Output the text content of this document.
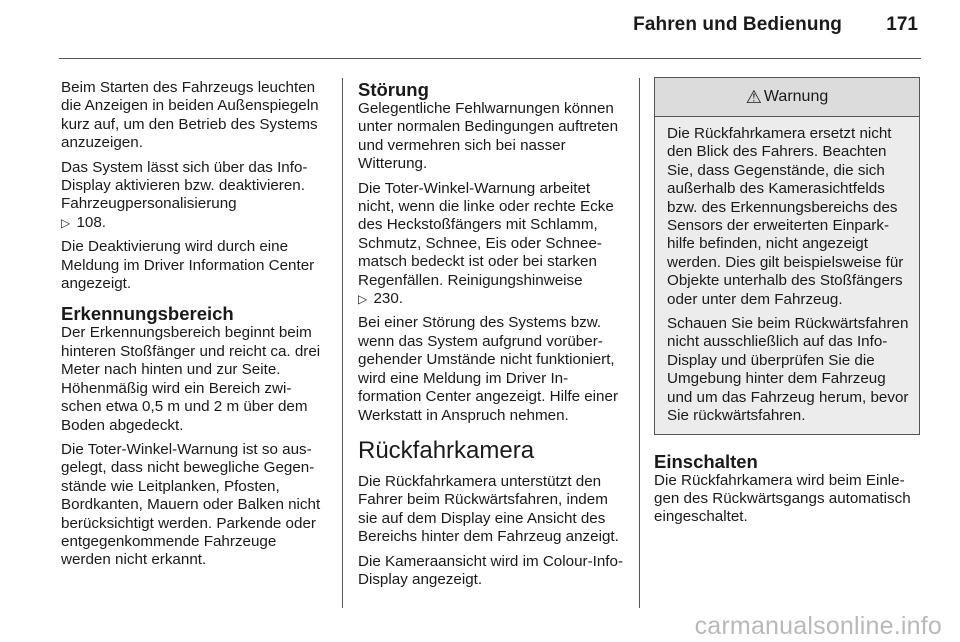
Fahren und Bedienung 171

Beim Starten des Fahrzeugs leuchten die Anzeigen in beiden Außenspiegeln kurz auf, um den Betrieb des Systems anzuzeigen.

Das System lässt sich über das Info-Display aktivieren bzw. deaktivieren. Fahrzeugpersonalisierung
▷ 108.

Die Deaktivierung wird durch eine Meldung im Driver Information Center angezeigt.

Erkennungsbereich

Der Erkennungsbereich beginnt beim hinteren Stoßfänger und reicht ca. drei Meter nach hinten und zur Seite. Höhenmäßig wird ein Bereich zwischen etwa 0,5 m und 2 m über dem Boden abgedeckt.

Die Toter-Winkel-Warnung ist so ausgelegt, dass nicht bewegliche Gegenstände wie Leitplanken, Pfosten, Bordkanten, Mauern oder Balken nicht berücksichtigt werden. Parkende oder entgegenkommende Fahrzeuge werden nicht erkannt.

Störung

Gelegentliche Fehlwarnungen können unter normalen Bedingungen auftreten und vermehren sich bei nasser Witterung.

Die Toter-Winkel-Warnung arbeitet nicht, wenn die linke oder rechte Ecke des Heckstoßfängers mit Schlamm, Schmutz, Schnee, Eis oder Schneematsch bedeckt ist oder bei starken Regenfällen. Reinigungshinweise
▷ 230.

Bei einer Störung des Systems bzw. wenn das System aufgrund vorübergehender Umstände nicht funktioniert, wird eine Meldung im Driver Information Center angezeigt. Hilfe einer Werkstatt in Anspruch nehmen.

Rückfahrkamera

Die Rückfahrkamera unterstützt den Fahrer beim Rückwärtsfahren, indem sie auf dem Display eine Ansicht des Bereichs hinter dem Fahrzeug anzeigt.

Die Kameraansicht wird im Colour-Info-Display angezeigt.

⚠ Warnung

Die Rückfahrkamera ersetzt nicht den Blick des Fahrers. Beachten Sie, dass Gegenstände, die sich außerhalb des Kamerasichtfelds bzw. des Erkennungsbereichs des Sensors der erweiterten Einparkhilfe befinden, nicht angezeigt werden. Dies gilt beispielsweise für Objekte unterhalb des Stoßfängers oder unter dem Fahrzeug.

Schauen Sie beim Rückwärtsfahren nicht ausschließlich auf das Info-Display und überprüfen Sie die Umgebung hinter dem Fahrzeug und um das Fahrzeug herum, bevor Sie rückwärtsfahren.

Einschalten

Die Rückfahrkamera wird beim Einlegen des Rückwärtsgangs automatisch eingeschaltet.

carmanualsonline.info
